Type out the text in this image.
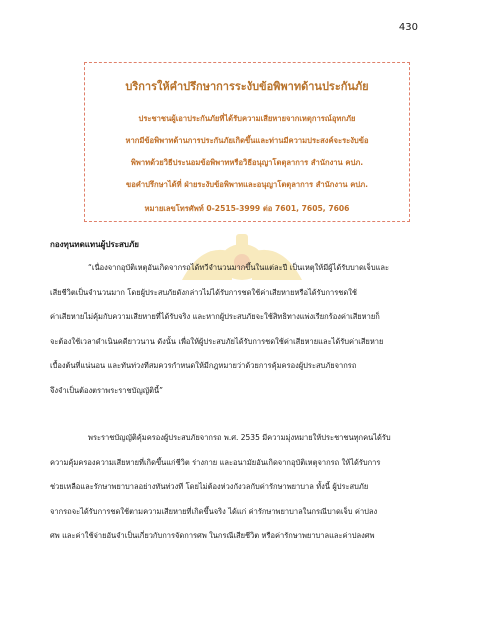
430
บริการให้คำปรึกษาการระงับข้อพิพาทด้านประกันภัย
ประชาชนผู้เอาประกันภัยที่ได้รับความเสียหายจากเหตุการณ์อุทกภัย
หากมีข้อพิพาทด้านการประกันภัยเกิดขึ้นและท่านมีความประสงค์จะระงับข้อ
พิพาทด้วยวิธีประนอมข้อพิพาทหรือวิธีอนุญาโตตุลาการ สำนักงาน คปภ.
ขอคำปรึกษาได้ที่ ฝ่ายระงับข้อพิพาทและอนุญาโตตุลาการ สำนักงาน คปภ.
หมายเลขโทรศัพท์ 0-2515-3999 ต่อ 7601, 7605, 7606
กองทุนทดแทนผู้ประสบภัย

“เนื่องจากอุบัติเหตุอันเกิดจากรถได้ทวีจำนวนมากขึ้นในแต่ละปี เป็นเหตุให้มีผู้ได้รับบาดเจ็บและ
เสียชีวิตเป็นจำนวนมาก โดยผู้ประสบภัยดังกล่าวไม่ได้รับการชดใช้ค่าเสียหายหรือได้รับการชดใช้
ค่าเสียหายไม่คุ้มกับความเสียหายที่ได้รับจริง และหากผู้ประสบภัยจะใช้สิทธิทางแพ่งเรียกร้องค่าเสียหายก็
จะต้องใช้เวลาดำเนินคดียาวนาน ดังนั้น เพื่อให้ผู้ประสบภัยได้รับการชดใช้ค่าเสียหายและได้รับค่าเสียหาย
เบื้องต้นที่แน่นอน และทันท่วงทีสมควรกำหนดให้มีกฎหมายว่าด้วยการคุ้มครองผู้ประสบภัยจากรถ
จึงจำเป็นต้องตราพระราชบัญญัตินี้”

พระราชบัญญัติคุ้มครองผู้ประสบภัยจากรถ พ.ศ. 2535 มีความมุ่งหมายให้ประชาชนทุกคนได้รับ
ความคุ้มครองความเสียหายที่เกิดขึ้นแก่ชีวิต ร่างกาย และอนามัยอันเกิดจากอุบัติเหตุจากรถ ให้ได้รับการ
ช่วยเหลือและรักษาพยาบาลอย่างทันท่วงที โดยไม่ต้องห่วงกังวลกับค่ารักษาพยาบาล ทั้งนี้ ผู้ประสบภัย
จากรถจะได้รับการชดใช้ตามความเสียหายที่เกิดขึ้นจริง ได้แก่ ค่ารักษาพยาบาลในกรณีบาดเจ็บ ค่าปลง
ศพ และค่าใช้จ่ายอันจำเป็นเกี่ยวกับการจัดการศพ ในกรณีเสียชีวิต หรือค่ารักษาพยาบาลและค่าปลงศพ
